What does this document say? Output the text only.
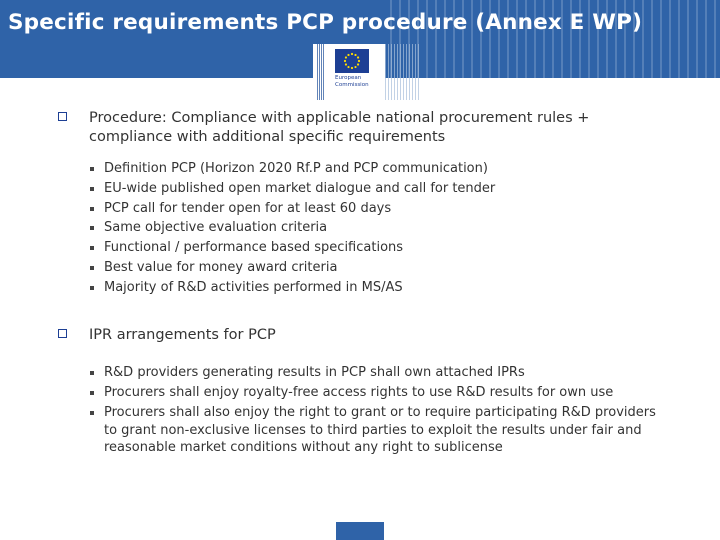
Specific requirements PCP procedure (Annex E WP)
European
Commission
Procedure: Compliance with applicable national procurement rules + compliance with additional specific requirements
Definition PCP (Horizon 2020 Rf.P and PCP communication)
EU-wide published open market dialogue and call for tender
PCP call for tender open for at least 60 days
Same objective evaluation criteria
Functional / performance based specifications
Best value for money award criteria
Majority of R&D activities performed in MS/AS
IPR arrangements for PCP
R&D providers generating results in PCP shall own attached IPRs
Procurers shall enjoy royalty-free access rights to use R&D results for own use
Procurers shall also enjoy the right to grant or to require participating R&D providers to grant non-exclusive licenses to third parties to exploit the results under fair and reasonable market conditions without any right to sublicense
